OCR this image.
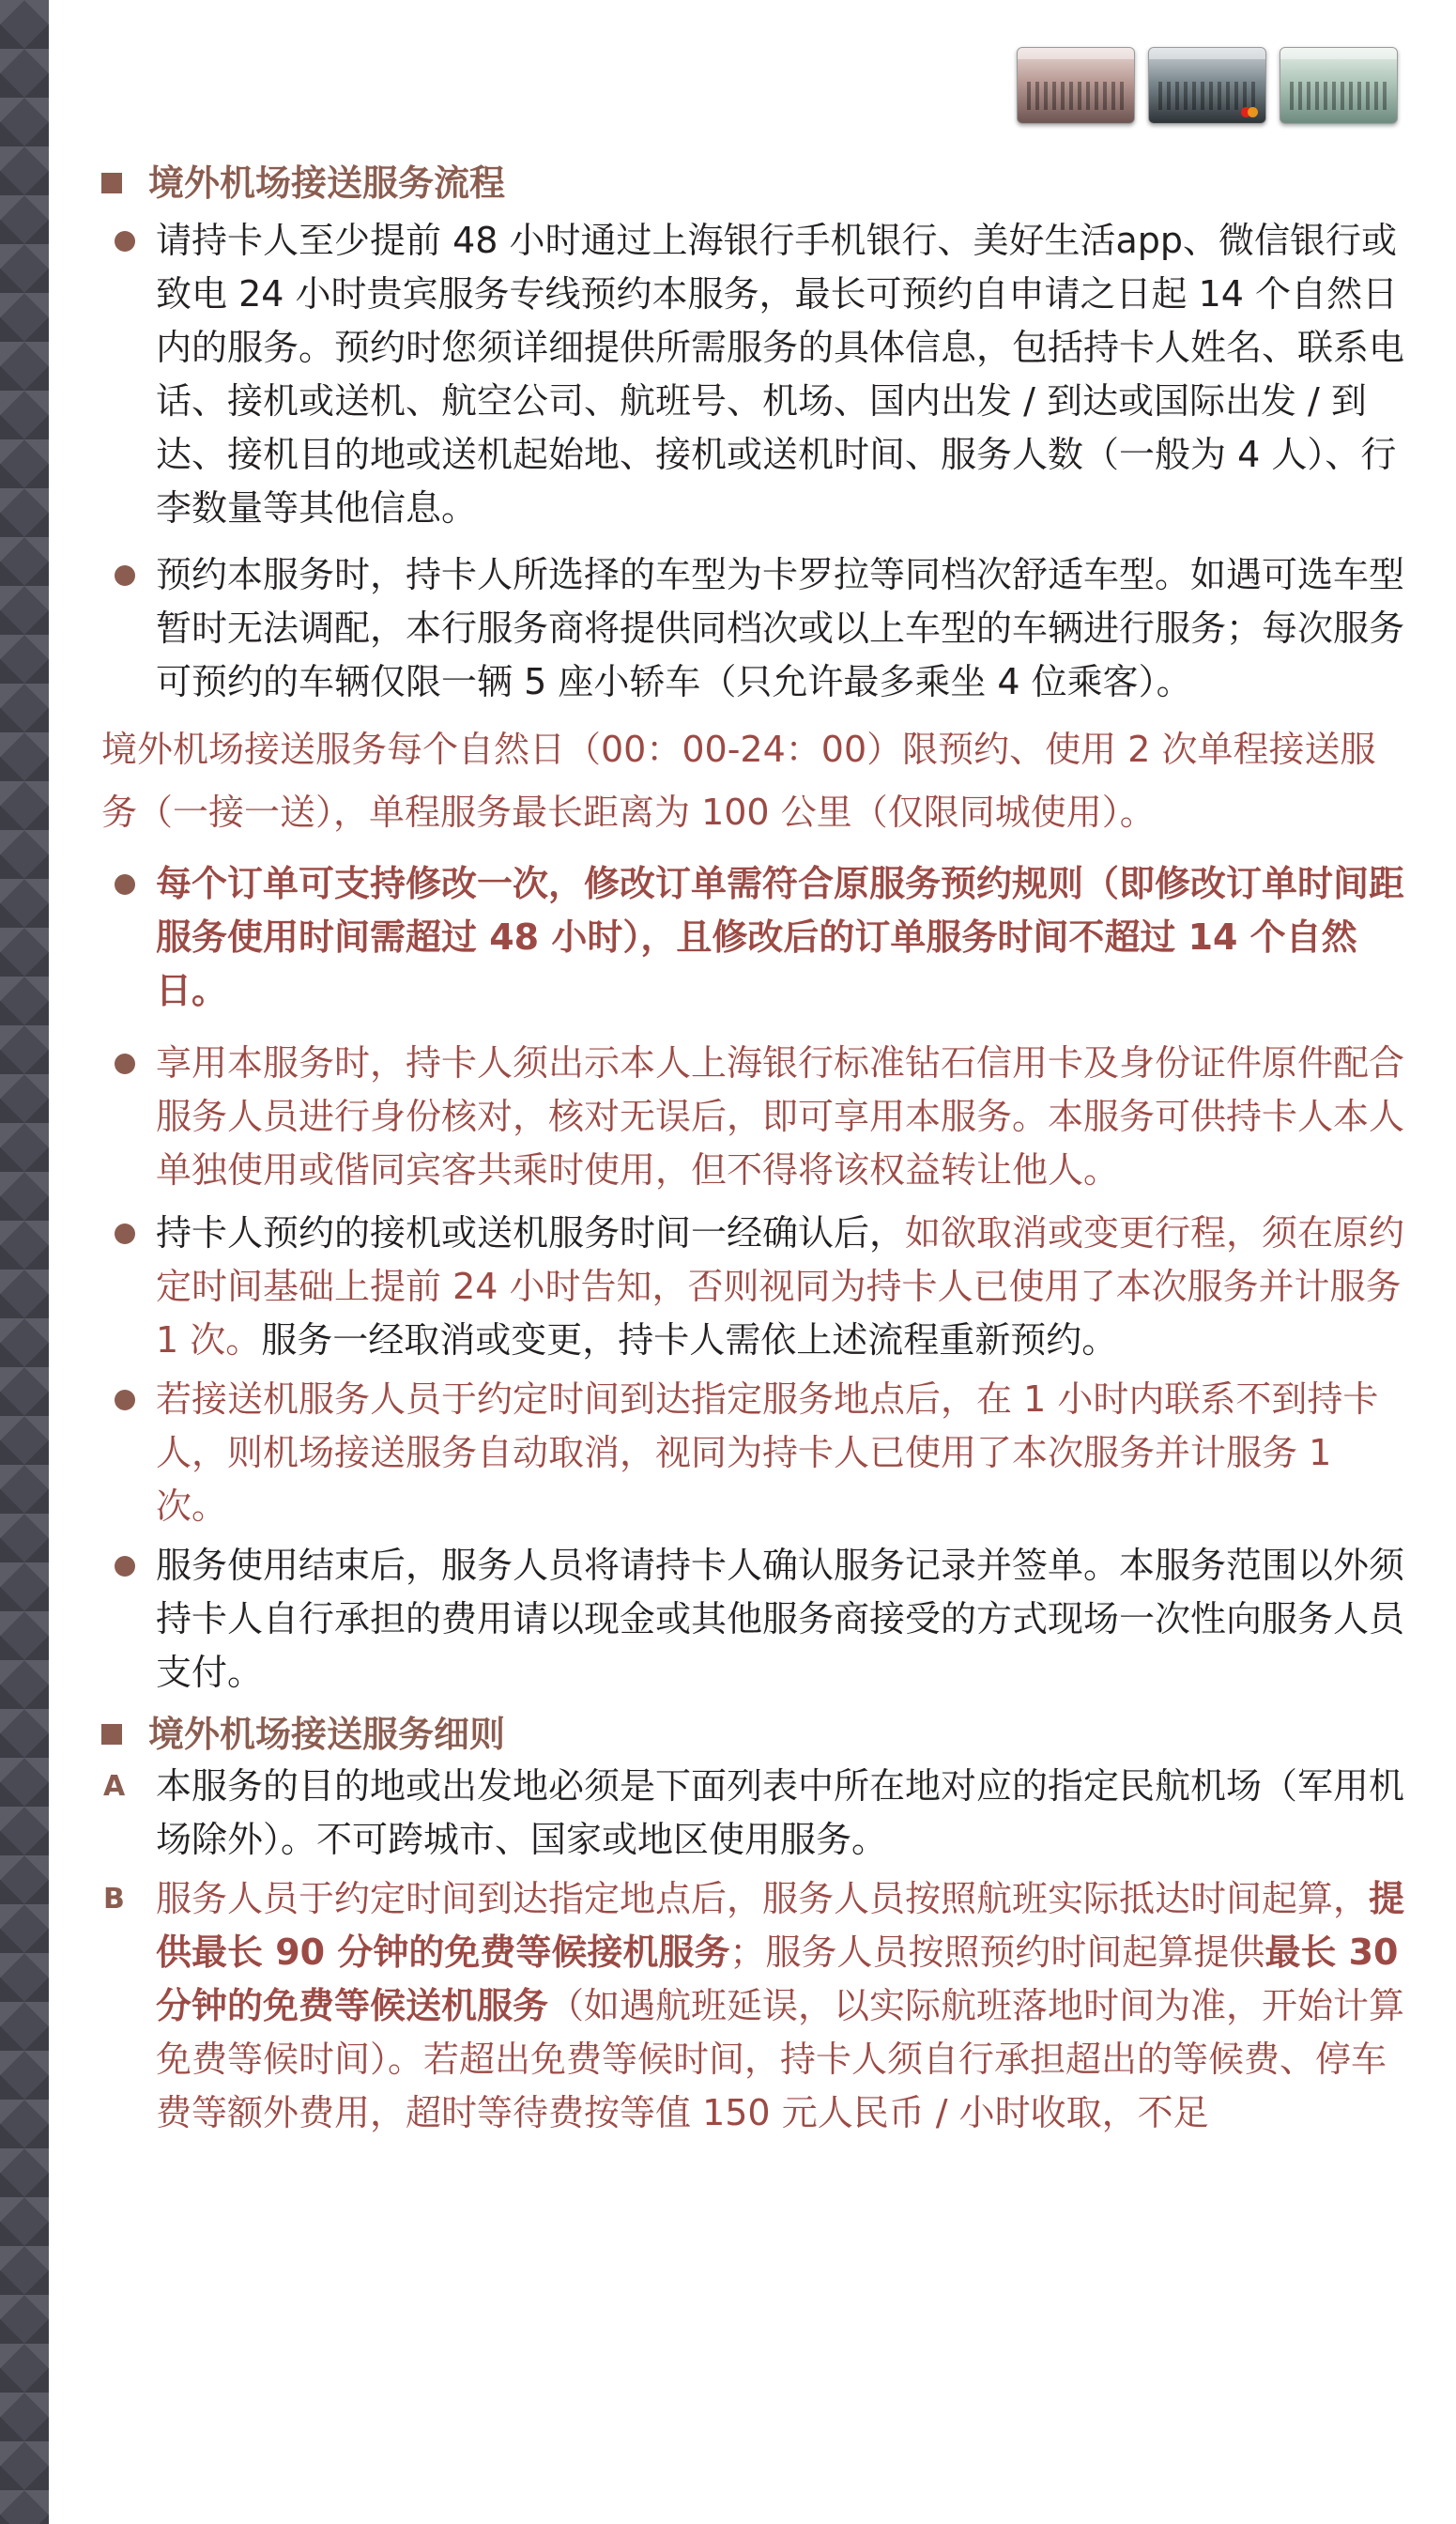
境外机场接送服务流程

请持卡人至少提前 48 小时通过上海银行手机银行、美好生活app、微信银行或致电 24 小时贵宾服务专线预约本服务，最长可预约自申请之日起 14 个自然日内的服务。预约时您须详细提供所需服务的具体信息，包括持卡人姓名、联系电话、接机或送机、航空公司、航班号、机场、国内出发 / 到达或国际出发 / 到达、接机目的地或送机起始地、接机或送机时间、服务人数（一般为 4 人）、行李数量等其他信息。

预约本服务时，持卡人所选择的车型为卡罗拉等同档次舒适车型。如遇可选车型暂时无法调配，本行服务商将提供同档次或以上车型的车辆进行服务；每次服务可预约的车辆仅限一辆 5 座小轿车（只允许最多乘坐 4 位乘客）。

境外机场接送服务每个自然日（00：00-24：00）限预约、使用 2 次单程接送服务（一接一送），单程服务最长距离为 100 公里（仅限同城使用）。

每个订单可支持修改一次，修改订单需符合原服务预约规则（即修改订单时间距服务使用时间需超过 48 小时），且修改后的订单服务时间不超过 14 个自然日。

享用本服务时，持卡人须出示本人上海银行标准钻石信用卡及身份证件原件配合服务人员进行身份核对，核对无误后，即可享用本服务。本服务可供持卡人本人单独使用或偕同宾客共乘时使用，但不得将该权益转让他人。

持卡人预约的接机或送机服务时间一经确认后，如欲取消或变更行程，须在原约定时间基础上提前 24 小时告知，否则视同为持卡人已使用了本次服务并计服务 1 次。服务一经取消或变更，持卡人需依上述流程重新预约。

若接送机服务人员于约定时间到达指定服务地点后，在 1 小时内联系不到持卡人，则机场接送服务自动取消，视同为持卡人已使用了本次服务并计服务 1 次。

服务使用结束后，服务人员将请持卡人确认服务记录并签单。本服务范围以外须持卡人自行承担的费用请以现金或其他服务商接受的方式现场一次性向服务人员支付。

境外机场接送服务细则

A 本服务的目的地或出发地必须是下面列表中所在地对应的指定民航机场（军用机场除外）。不可跨城市、国家或地区使用服务。

B 服务人员于约定时间到达指定地点后，服务人员按照航班实际抵达时间起算，提供最长 90 分钟的免费等候接机服务；服务人员按照预约时间起算提供最长 30 分钟的免费等候送机服务（如遇航班延误，以实际航班落地时间为准，开始计算免费等候时间）。若超出免费等候时间，持卡人须自行承担超出的等候费、停车费等额外费用，超时等待费按等值 150 元人民币 / 小时收取，不足
